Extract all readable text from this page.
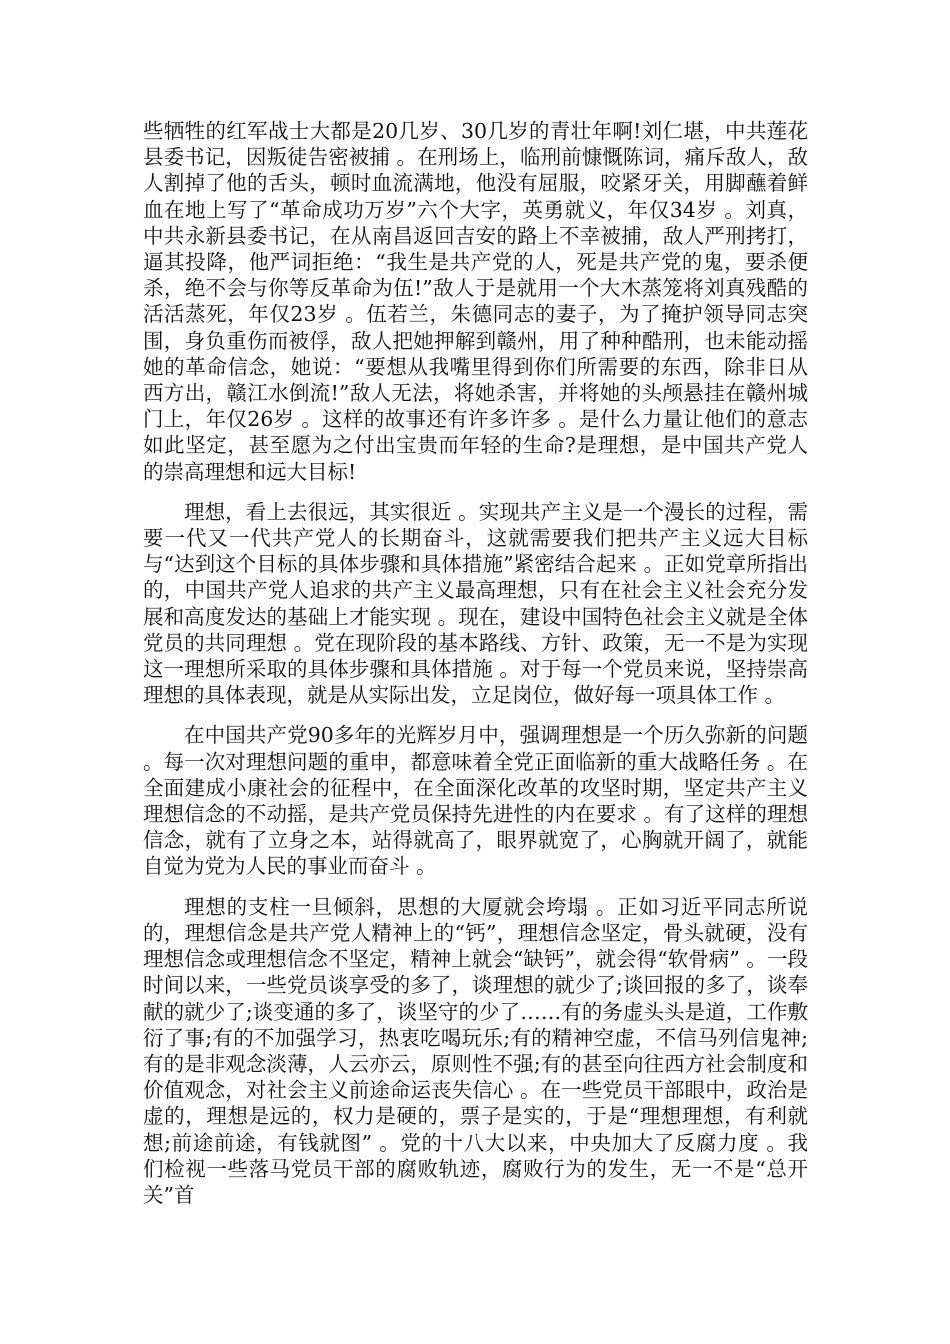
些牺牲的红军战士大都是20几岁、30几岁的青壮年啊!刘仁堪，中共莲花县委书记，因叛徒告密被捕 。在刑场上，临刑前慷慨陈词，痛斥敌人，敌人割掉了他的舌头，顿时血流满地，他没有屈服，咬紧牙关，用脚蘸着鲜血在地上写了“革命成功万岁”六个大字，英勇就义，年仅34岁 。刘真，中共永新县委书记，在从南昌返回吉安的路上不幸被捕，敌人严刑拷打，逼其投降，他严词拒绝：“我生是共产党的人，死是共产党的鬼，要杀便杀，绝不会与你等反革命为伍!”敌人于是就用一个大木蒸笼将刘真残酷的活活蒸死，年仅23岁 。伍若兰，朱德同志的妻子，为了掩护领导同志突围，身负重伤而被俘，敌人把她押解到赣州，用了种种酷刑，也未能动摇她的革命信念，她说：“要想从我嘴里得到你们所需要的东西，除非日从西方出，赣江水倒流!”敌人无法，将她杀害，并将她的头颅悬挂在赣州城门上，年仅26岁 。这样的故事还有许多许多 。是什么力量让他们的意志如此坚定，甚至愿为之付出宝贵而年轻的生命?是理想，是中国共产党人的崇高理想和远大目标!

理想，看上去很远，其实很近 。实现共产主义是一个漫长的过程，需要一代又一代共产党人的长期奋斗，这就需要我们把共产主义远大目标与“达到这个目标的具体步骤和具体措施”紧密结合起来 。正如党章所指出的，中国共产党人追求的共产主义最高理想，只有在社会主义社会充分发展和高度发达的基础上才能实现 。现在，建设中国特色社会主义就是全体党员的共同理想 。党在现阶段的基本路线、方针、政策，无一不是为实现这一理想所采取的具体步骤和具体措施 。对于每一个党员来说，坚持崇高理想的具体表现，就是从实际出发，立足岗位，做好每一项具体工作 。

在中国共产党90多年的光辉岁月中，强调理想是一个历久弥新的问题 。每一次对理想问题的重申，都意味着全党正面临新的重大战略任务 。在全面建成小康社会的征程中，在全面深化改革的攻坚时期，坚定共产主义理想信念的不动摇，是共产党员保持先进性的内在要求 。有了这样的理想信念，就有了立身之本，站得就高了，眼界就宽了，心胸就开阔了，就能自觉为党为人民的事业而奋斗 。

理想的支柱一旦倾斜，思想的大厦就会垮塌 。正如习近平同志所说的，理想信念是共产党人精神上的“钙”，理想信念坚定，骨头就硬，没有理想信念或理想信念不坚定，精神上就会“缺钙”，就会得“软骨病” 。一段时间以来，一些党员谈享受的多了，谈理想的就少了;谈回报的多了，谈奉献的就少了;谈变通的多了，谈坚守的少了……有的务虚头头是道，工作敷衍了事;有的不加强学习，热衷吃喝玩乐;有的精神空虚，不信马列信鬼神;有的是非观念淡薄，人云亦云，原则性不强;有的甚至向往西方社会制度和价值观念，对社会主义前途命运丧失信心 。在一些党员干部眼中，政治是虚的，理想是远的，权力是硬的，票子是实的，于是“理想理想，有利就想;前途前途，有钱就图” 。党的十八大以来，中央加大了反腐力度 。我们检视一些落马党员干部的腐败轨迹，腐败行为的发生，无一不是“总开关”首
